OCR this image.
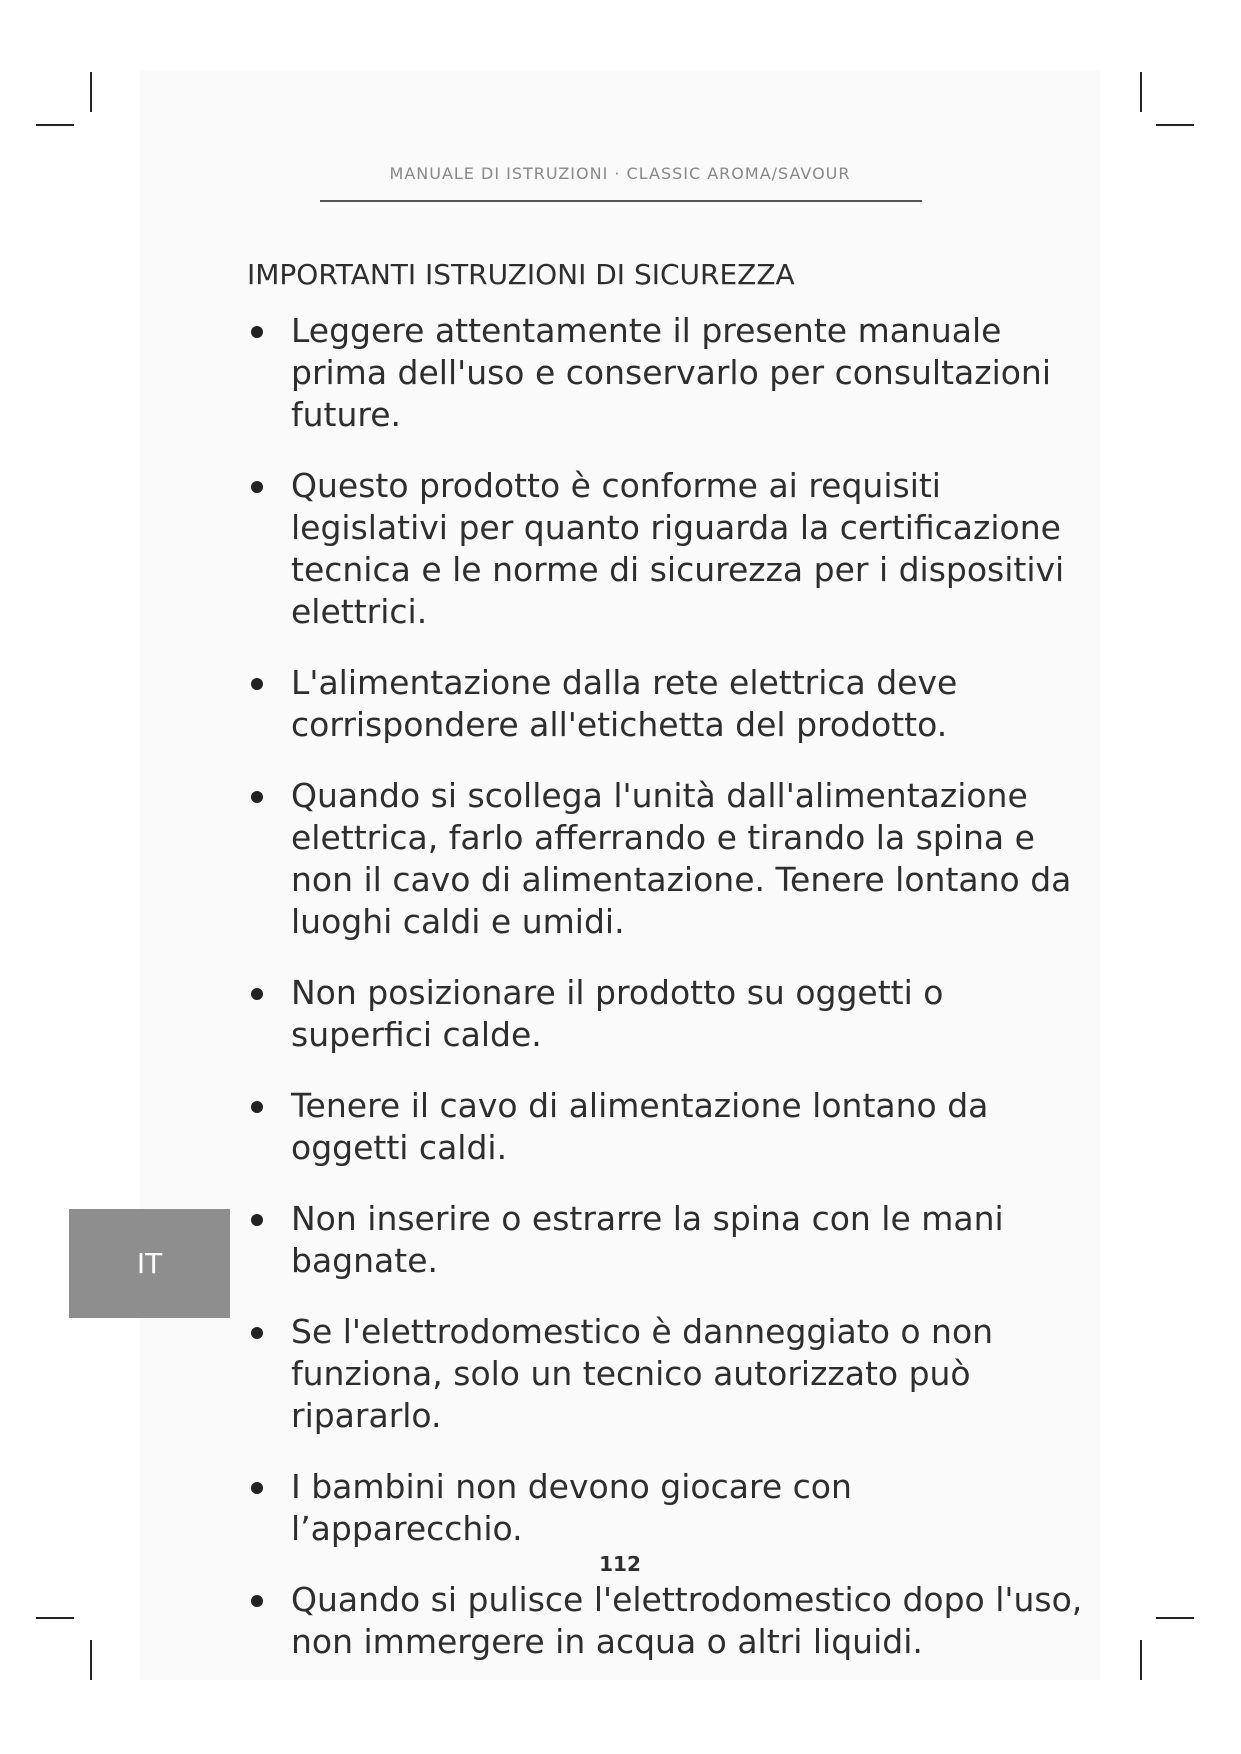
MANUALE DI ISTRUZIONI · CLASSIC AROMA/SAVOUR
IMPORTANTI ISTRUZIONI DI SICUREZZA
Leggere attentamente il presente manuale prima dell'uso e conservarlo per consultazioni future.
Questo prodotto è conforme ai requisiti legislativi per quanto riguarda la certificazione tecnica e le norme di sicurezza per i dispositivi elettrici.
L'alimentazione dalla rete elettrica deve corrispondere all'etichetta del prodotto.
Quando si scollega l'unità dall'alimentazione elettrica, farlo afferrando e tirando la spina e non il cavo di alimentazione. Tenere lontano da luoghi caldi e umidi.
Non posizionare il prodotto su oggetti o superfici calde.
Tenere il cavo di alimentazione lontano da oggetti caldi.
Non inserire o estrarre la spina con le mani bagnate.
Se l'elettrodomestico è danneggiato o non funziona, solo un tecnico autorizzato può ripararlo.
I bambini non devono giocare con l’apparecchio.
Quando si pulisce l'elettrodomestico dopo l'uso, non immergere in acqua o altri liquidi.
IT
112
